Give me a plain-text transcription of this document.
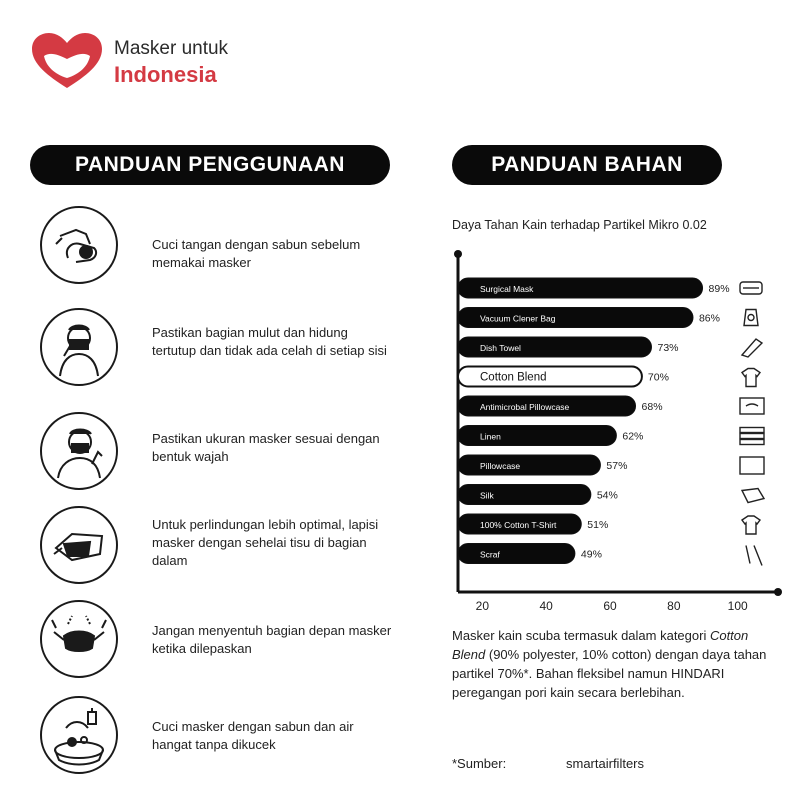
Masker untuk
Indonesia
PANDUAN PENGGUNAAN	PANDUAN BAHAN
Cuci tangan dengan sabun sebelum memakai masker
Pastikan bagian mulut dan hidung tertutup dan tidak ada celah di setiap sisi
Pastikan ukuran masker sesuai dengan bentuk wajah
Untuk perlindungan lebih optimal, lapisi masker dengan sehelai tisu di bagian dalam
Jangan menyentuh bagian depan masker ketika dilepaskan
Cuci masker dengan sabun dan air hangat tanpa dikucek
Daya Tahan Kain terhadap Partikel Mikro 0.02
20	40	60	80	100
Surgical Mask	89%
Vacuum Clener Bag	86%
Dish Towel	73%
Cotton Blend	70%
Antimicrobal Pillowcase	68%
Linen	62%
Pillowcase	57%
Silk	54%
100% Cotton T-Shirt	51%
Scraf	49%
Masker kain scuba termasuk dalam kategori Cotton Blend (90% polyester, 10% cotton) dengan daya tahan partikel 70%*. Bahan fleksibel namun HINDARI peregangan pori kain secara berlebihan.
*Sumber:	smartairfilters
